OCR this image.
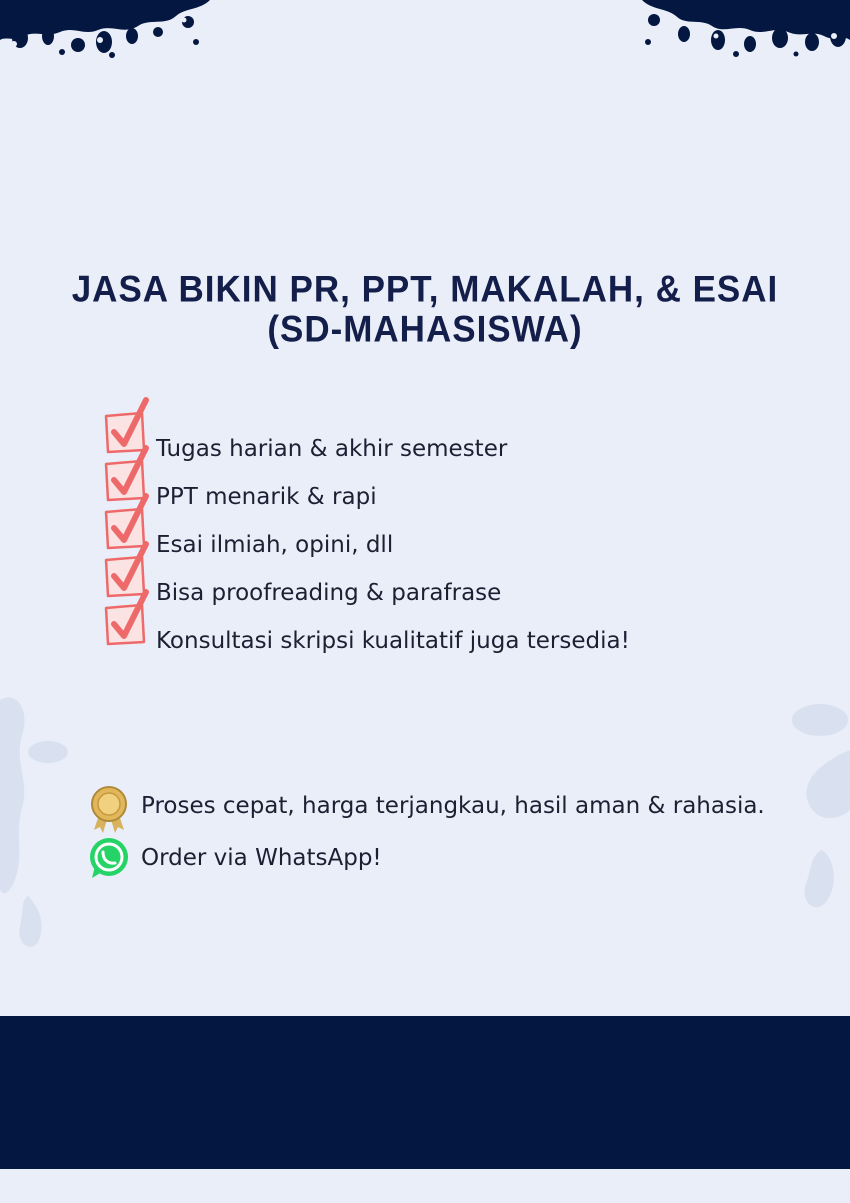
JASA BIKIN PR, PPT, MAKALAH, & ESAI
(SD-MAHASISWA)
Tugas harian & akhir semester
PPT menarik & rapi
Esai ilmiah, opini, dll
Bisa proofreading & parafrase
Konsultasi skripsi kualitatif juga tersedia!
Proses cepat, harga terjangkau, hasil aman & rahasia.
Order via WhatsApp!
